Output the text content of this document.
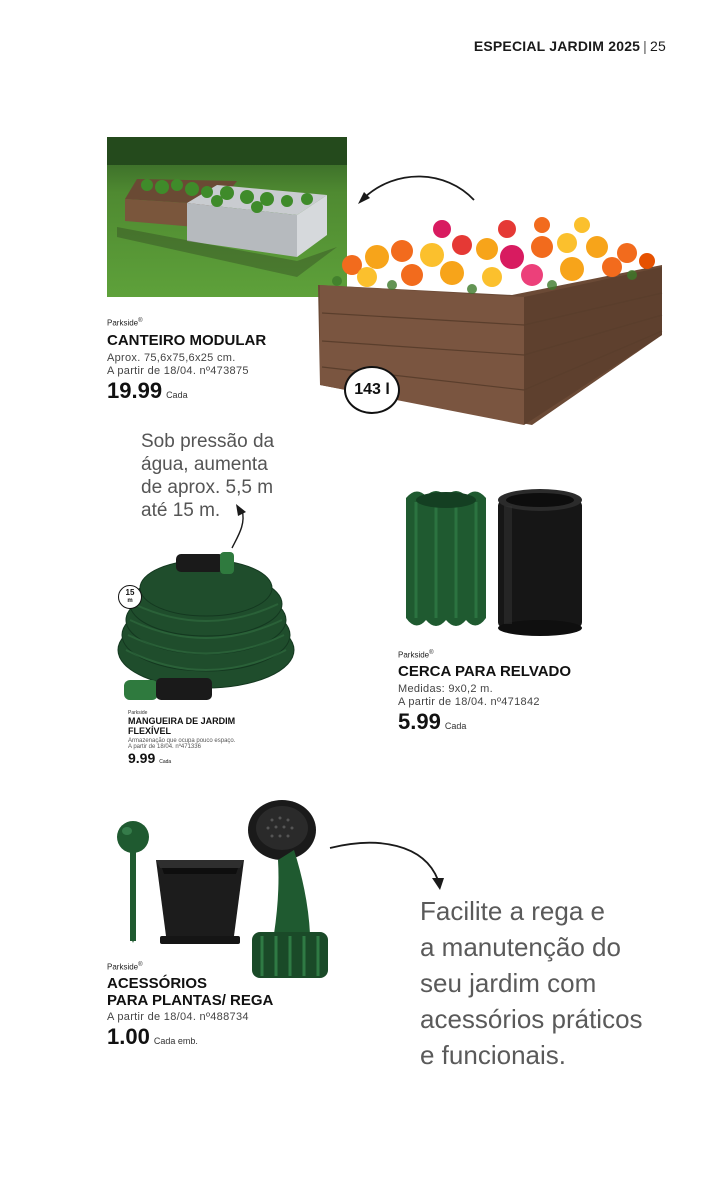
ESPECIAL JARDIM 2025 | 25
143 l
Parkside®
CANTEIRO MODULAR
Aprox. 75,6x75,6x25 cm.
A partir de 18/04. nº473875
19.99 Cada
Sob pressão da
água, aumenta
de aprox. 5,5 m
até 15 m.
15
m
Parkside
MANGUEIRA DE JARDIM
FLEXÍVEL
Armazenação que ocupa pouco espaço.
A partir de 18/04. nº471336
9.99 Cada
Parkside®
CERCA PARA RELVADO
Medidas: 9x0,2 m.
A partir de 18/04. nº471842
5.99 Cada
Parkside®
ACESSÓRIOS
PARA PLANTAS/ REGA
A partir de 18/04. nº488734
1.00 Cada emb.
Facilite a rega e
a manutenção do
seu jardim com
acessórios práticos
e funcionais.
